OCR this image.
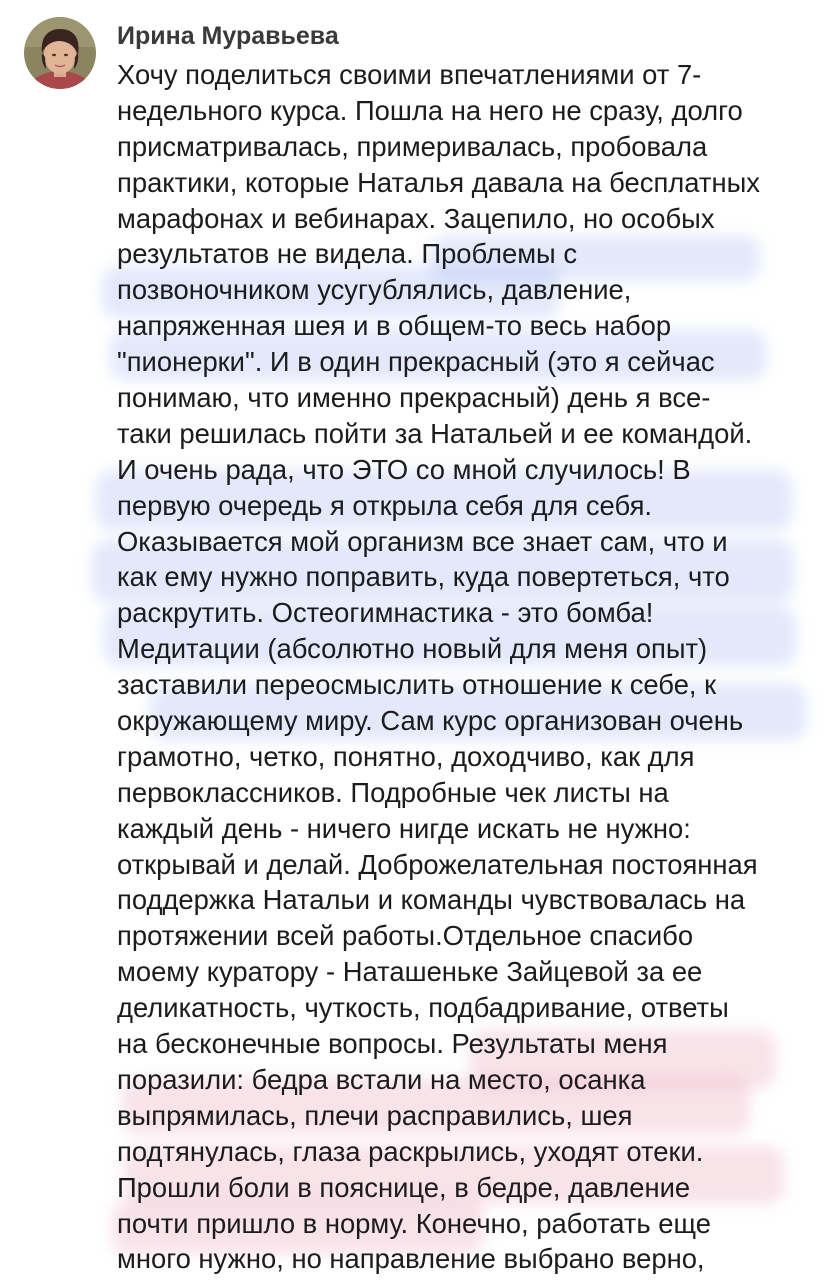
Ирина Муравьева
Хочу поделиться своими впечатлениями от 7-
недельного курса. Пошла на него не сразу, долго
присматривалась, примеривалась, пробовала
практики, которые Наталья давала на бесплатных
марафонах и вебинарах. Зацепило, но особых
результатов не видела. Проблемы с
позвоночником усугублялись, давление,
напряженная шея и в общем-то весь набор
"пионерки". И в один прекрасный (это я сейчас
понимаю, что именно прекрасный) день я все-
таки решилась пойти за Натальей и ее командой.
И очень рада, что ЭТО со мной случилось! В
первую очередь я открыла себя для себя.
Оказывается мой организм все знает сам, что и
как ему нужно поправить, куда повертеться, что
раскрутить. Остеогимнастика - это бомба!
Медитации (абсолютно новый для меня опыт)
заставили переосмыслить отношение к себе, к
окружающему миру. Сам курс организован очень
грамотно, четко, понятно, доходчиво, как для
первоклассников. Подробные чек листы на
каждый день - ничего нигде искать не нужно:
открывай и делай. Доброжелательная постоянная
поддержка Натальи и команды чувствовалась на
протяжении всей работы.Отдельное спасибо
моему куратору - Наташеньке Зайцевой за ее
деликатность, чуткость, подбадривание, ответы
на бесконечные вопросы. Результаты меня
поразили: бедра встали на место, осанка
выпрямилась, плечи расправились, шея
подтянулась, глаза раскрылись, уходят отеки.
Прошли боли в пояснице, в бедре, давление
почти пришло в норму. Конечно, работать еще
много нужно, но направление выбрано верно,
